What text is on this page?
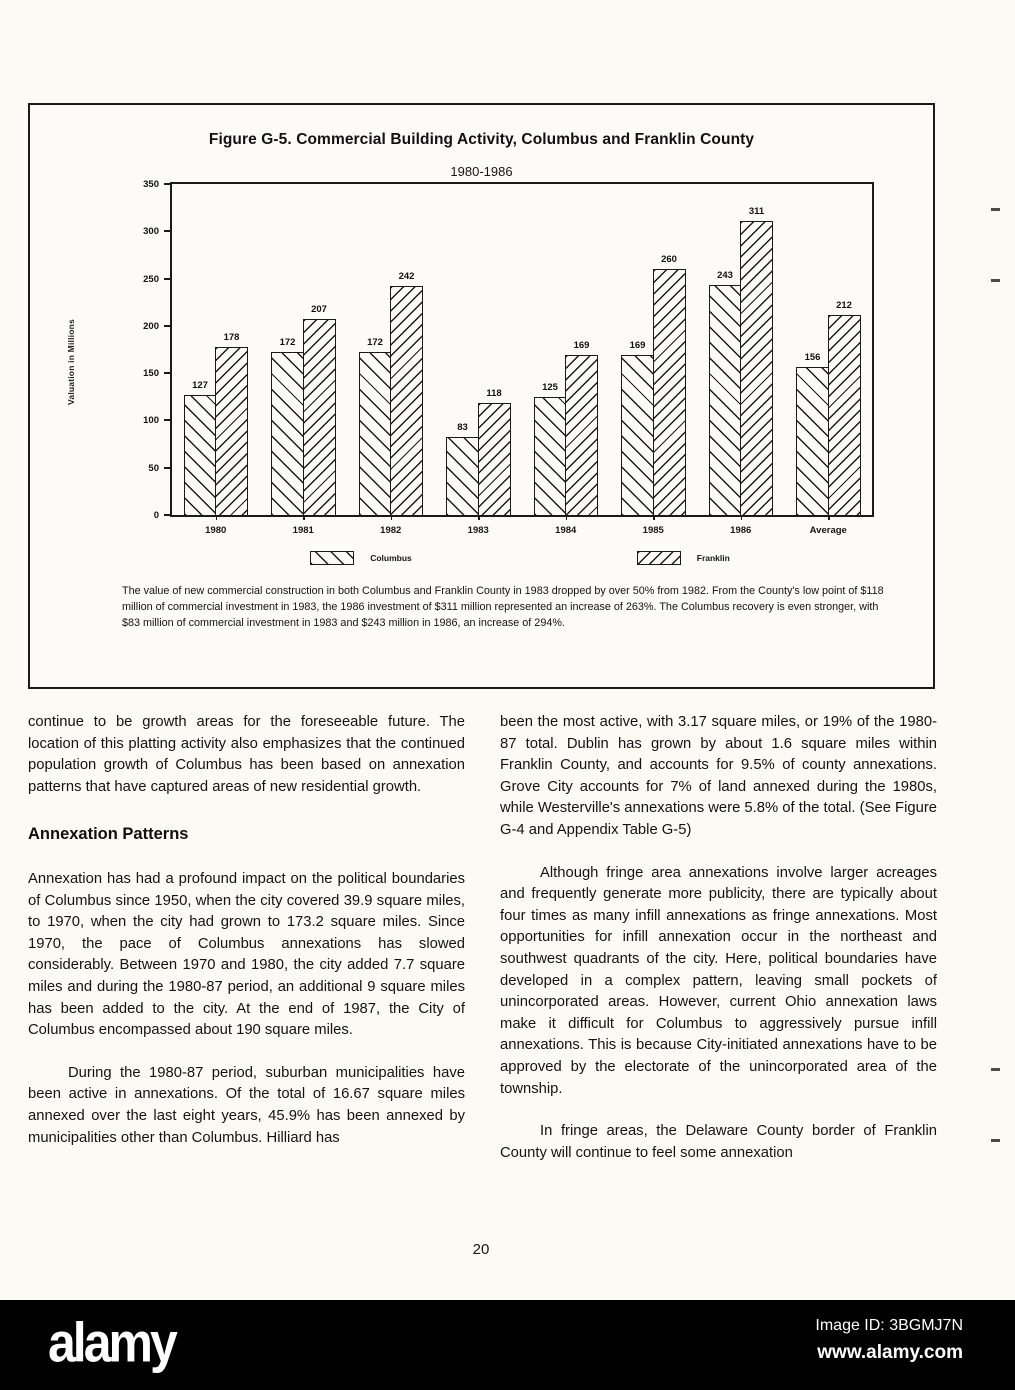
Figure G-5. Commercial Building Activity, Columbus and Franklin County
1980-1986
Valuation in Millions
0
50
100
150
200
250
300
350
127
178
1980
172
207
1981
172
242
1982
83
118
1983
125
169
1984
169
260
1985
243
311
1986
156
212
Average
Columbus	Franklin
The value of new commercial construction in both Columbus and Franklin County in 1983 dropped by over 50% from 1982. From the County's low point of $118 million of commercial investment in 1983, the 1986 investment of $311 million represented an increase of 263%. The Columbus recovery is even stronger, with $83 million of commercial investment in 1983 and $243 million in 1986, an increase of 294%.

continue to be growth areas for the foreseeable future. The location of this platting activity also emphasizes that the continued population growth of Columbus has been based on annexation patterns that have captured areas of new residential growth.

Annexation Patterns

Annexation has had a profound impact on the political boundaries of Columbus since 1950, when the city covered 39.9 square miles, to 1970, when the city had grown to 173.2 square miles. Since 1970, the pace of Columbus annexations has slowed considerably. Between 1970 and 1980, the city added 7.7 square miles and during the 1980-87 period, an additional 9 square miles has been added to the city. At the end of 1987, the City of Columbus encompassed about 190 square miles.

During the 1980-87 period, suburban municipalities have been active in annexations. Of the total of 16.67 square miles annexed over the last eight years, 45.9% has been annexed by municipalities other than Columbus. Hilliard has

been the most active, with 3.17 square miles, or 19% of the 1980-87 total. Dublin has grown by about 1.6 square miles within Franklin County, and accounts for 9.5% of county annexations. Grove City accounts for 7% of land annexed during the 1980s, while Westerville's annexations were 5.8% of the total. (See Figure G-4 and Appendix Table G-5)

Although fringe area annexations involve larger acreages and frequently generate more publicity, there are typically about four times as many infill annexations as fringe annexations. Most opportunities for infill annexation occur in the northeast and southwest quadrants of the city. Here, political boundaries have developed in a complex pattern, leaving small pockets of unincorporated areas. However, current Ohio annexation laws make it difficult for Columbus to aggressively pursue infill annexations. This is because City-initiated annexations have to be approved by the electorate of the unincorporated area of the township.

In fringe areas, the Delaware County border of Franklin County will continue to feel some annexation

20
alamy	Image ID: 3BGMJ7N
www.alamy.com
